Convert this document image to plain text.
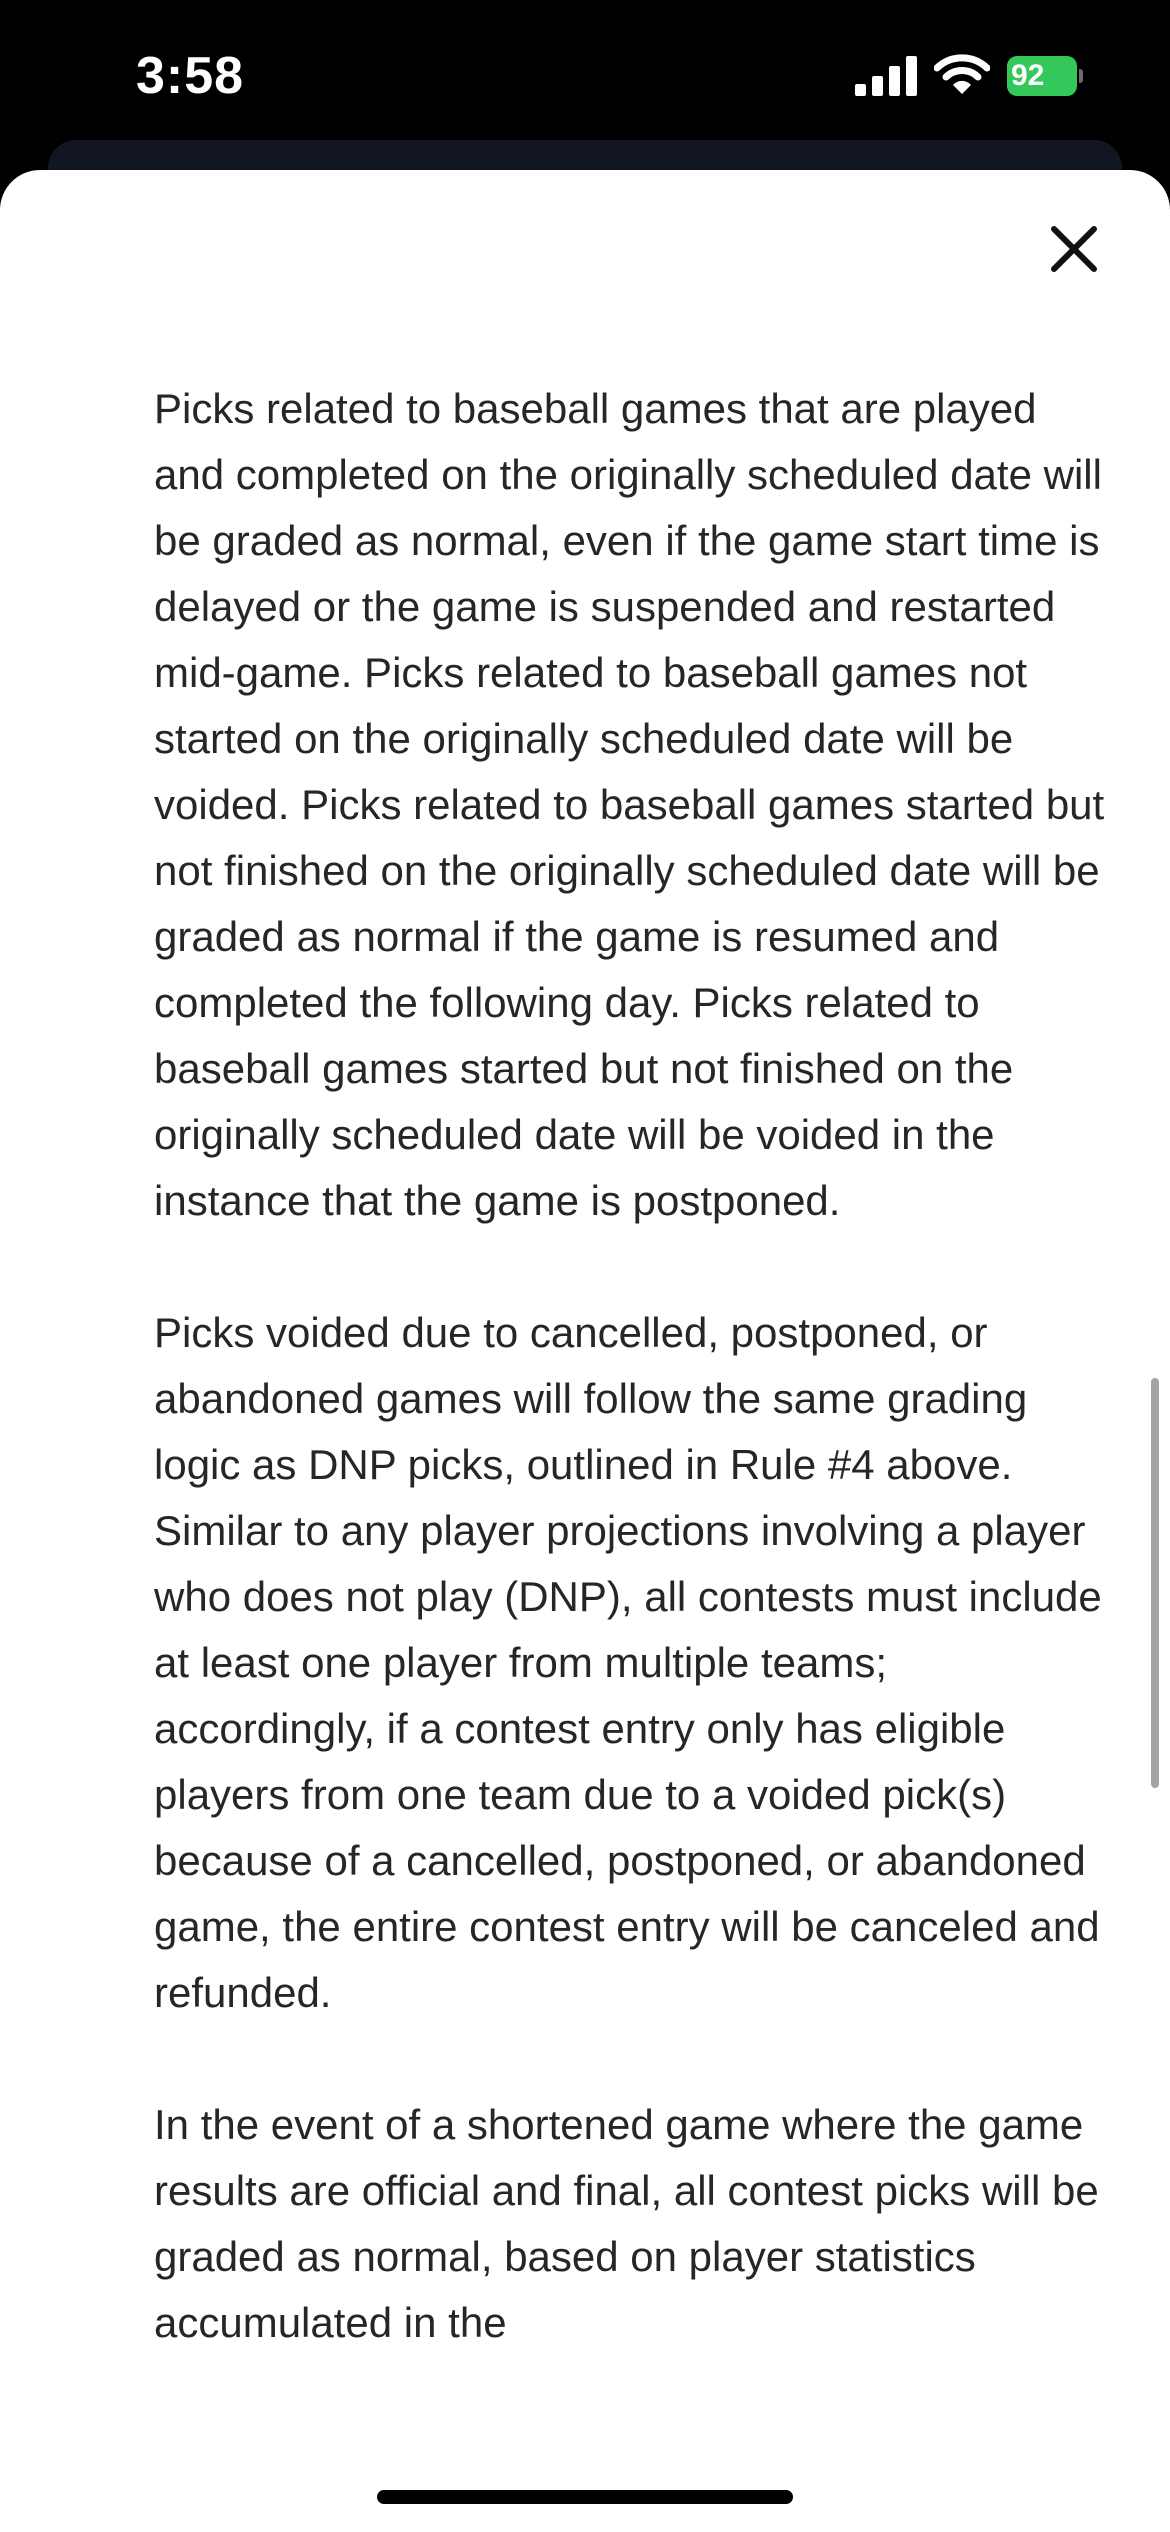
3:58	92

Picks related to baseball games that are played and completed on the originally scheduled date will be graded as normal, even if the game start time is delayed or the game is suspended and restarted mid-game. Picks related to baseball games not started on the originally scheduled date will be voided. Picks related to baseball games started but not finished on the originally scheduled date will be graded as normal if the game is resumed and completed the following day. Picks related to baseball games started but not finished on the originally scheduled date will be voided in the instance that the game is postponed.

Picks voided due to cancelled, postponed, or abandoned games will follow the same grading logic as DNP picks, outlined in Rule #4 above. Similar to any player projections involving a player who does not play (DNP), all contests must include at least one player from multiple teams; accordingly, if a contest entry only has eligible players from one team due to a voided pick(s) because of a cancelled, postponed, or abandoned game, the entire contest entry will be canceled and refunded.

In the event of a shortened game where the game results are official and final, all contest picks will be graded as normal, based on player statistics accumulated in the
